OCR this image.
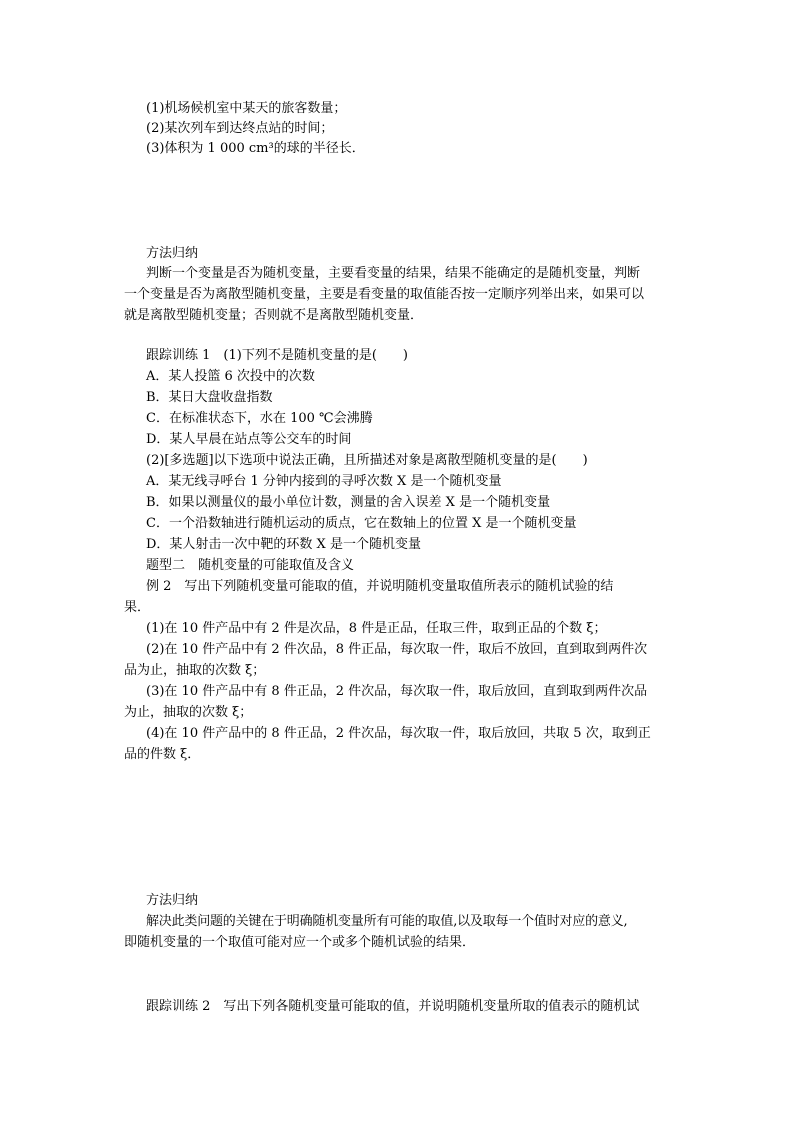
(1)机场候机室中某天的旅客数量；
(2)某次列车到达终点站的时间；
(3)体积为 1 000 cm³的球的半径长．
方法归纳
判断一个变量是否为随机变量，主要看变量的结果，结果不能确定的是随机变量，判断
一个变量是否为离散型随机变量，主要是看变量的取值能否按一定顺序列举出来，如果可以
就是离散型随机变量；否则就不是离散型随机变量．
跟踪训练 1　(1)下列不是随机变量的是(　　)
A．某人投篮 6 次投中的次数
B．某日大盘收盘指数
C．在标准状态下，水在 100 ℃会沸腾
D．某人早晨在站点等公交车的时间
(2)[多选题]以下选项中说法正确，且所描述对象是离散型随机变量的是(　　)
A．某无线寻呼台 1 分钟内接到的寻呼次数 X 是一个随机变量
B．如果以测量仪的最小单位计数，测量的舍入误差 X 是一个随机变量
C．一个沿数轴进行随机运动的质点，它在数轴上的位置 X 是一个随机变量
D．某人射击一次中靶的环数 X 是一个随机变量
题型二　随机变量的可能取值及含义
例 2　写出下列随机变量可能取的值，并说明随机变量取值所表示的随机试验的结
果．
(1)在 10 件产品中有 2 件是次品，8 件是正品，任取三件，取到正品的个数 ξ；
(2)在 10 件产品中有 2 件次品，8 件正品，每次取一件，取后不放回，直到取到两件次
品为止，抽取的次数 ξ；
(3)在 10 件产品中有 8 件正品，2 件次品，每次取一件，取后放回，直到取到两件次品
为止，抽取的次数 ξ；
(4)在 10 件产品中的 8 件正品，2 件次品，每次取一件，取后放回，共取 5 次，取到正
品的件数 ξ．
方法归纳
解决此类问题的关键在于明确随机变量所有可能的取值,以及取每一个值时对应的意义,
即随机变量的一个取值可能对应一个或多个随机试验的结果．
跟踪训练 2　写出下列各随机变量可能取的值，并说明随机变量所取的值表示的随机试
